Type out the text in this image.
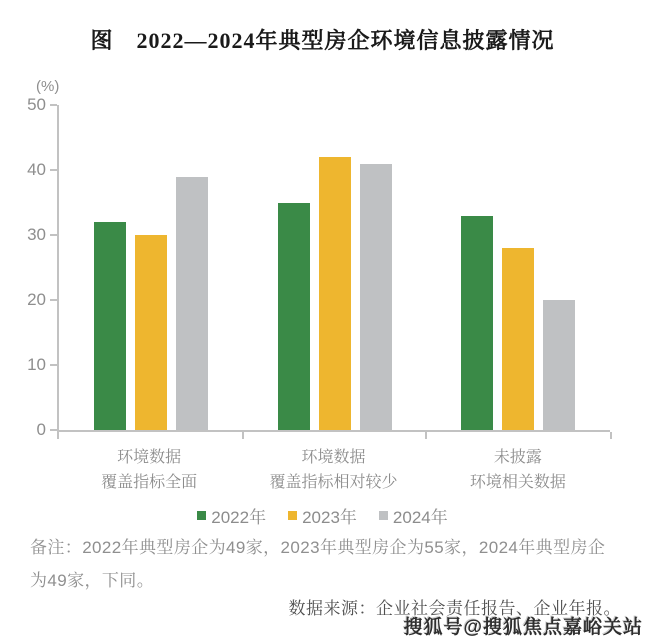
图　2022—2024年典型房企环境信息披露情况
(%)
0
10
20
30
40
50
环境数据
覆盖指标全面
环境数据
覆盖指标相对较少
未披露
环境相关数据
2022年 2023年 2024年
备注：2022年典型房企为49家，2023年典型房企为55家，2024年典型房企为49家，下同。
数据来源：企业社会责任报告、企业年报。
搜狐号@搜狐焦点嘉峪关站
